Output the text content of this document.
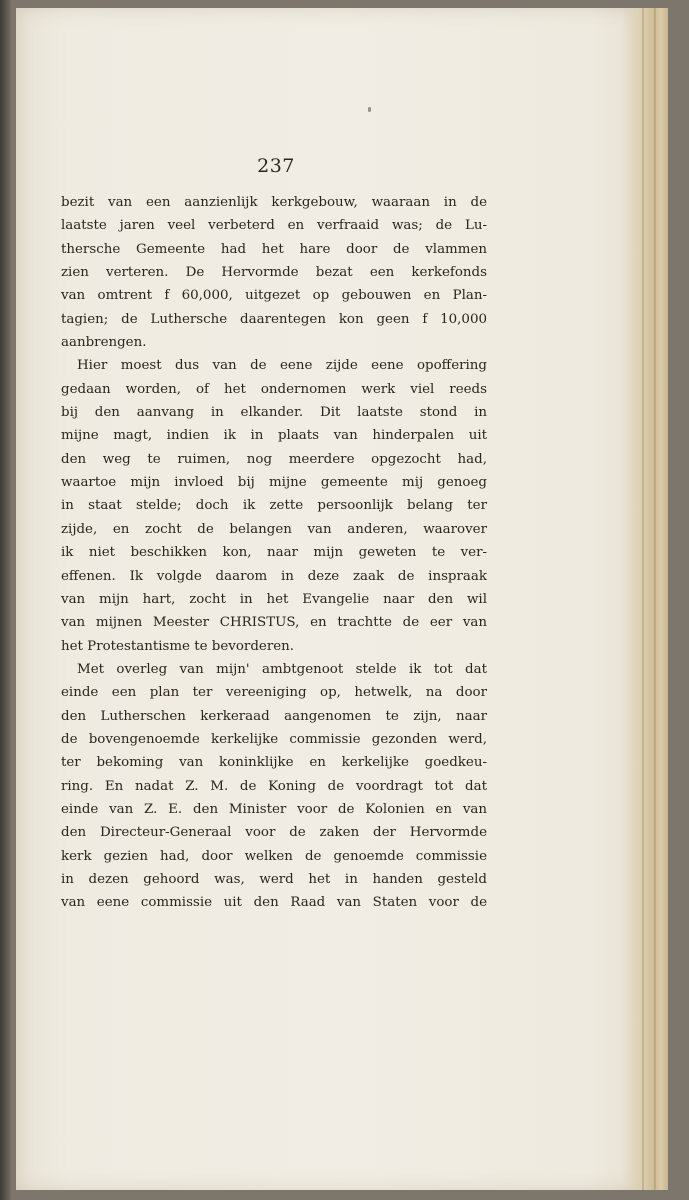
237
bezit van een aanzienlijk kerkgebouw, waaraan in de
laatste jaren veel verbeterd en verfraaid was; de Lu-
thersche Gemeente had het hare door de vlammen
zien verteren. De Hervormde bezat een kerkefonds
van omtrent f 60,000, uitgezet op gebouwen en Plan-
tagien; de Luthersche daarentegen kon geen f 10,000
aanbrengen.
Hier moest dus van de eene zijde eene opoffering
gedaan worden, of het ondernomen werk viel reeds
bij den aanvang in elkander. Dit laatste stond in
mijne magt, indien ik in plaats van hinderpalen uit
den weg te ruimen, nog meerdere opgezocht had,
waartoe mijn invloed bij mijne gemeente mij genoeg
in staat stelde; doch ik zette persoonlijk belang ter
zijde, en zocht de belangen van anderen, waarover
ik niet beschikken kon, naar mijn geweten te ver-
effenen. Ik volgde daarom in deze zaak de inspraak
van mijn hart, zocht in het Evangelie naar den wil
van mijnen Meester CHRISTUS, en trachtte de eer van
het Protestantisme te bevorderen.
Met overleg van mijn' ambtgenoot stelde ik tot dat
einde een plan ter vereeniging op, hetwelk, na door
den Lutherschen kerkeraad aangenomen te zijn, naar
de bovengenoemde kerkelijke commissie gezonden werd,
ter bekoming van koninklijke en kerkelijke goedkeu-
ring. En nadat Z. M. de Koning de voordragt tot dat
einde van Z. E. den Minister voor de Kolonien en van
den Directeur-Generaal voor de zaken der Hervormde
kerk gezien had, door welken de genoemde commissie
in dezen gehoord was, werd het in handen gesteld
van eene commissie uit den Raad van Staten voor de
